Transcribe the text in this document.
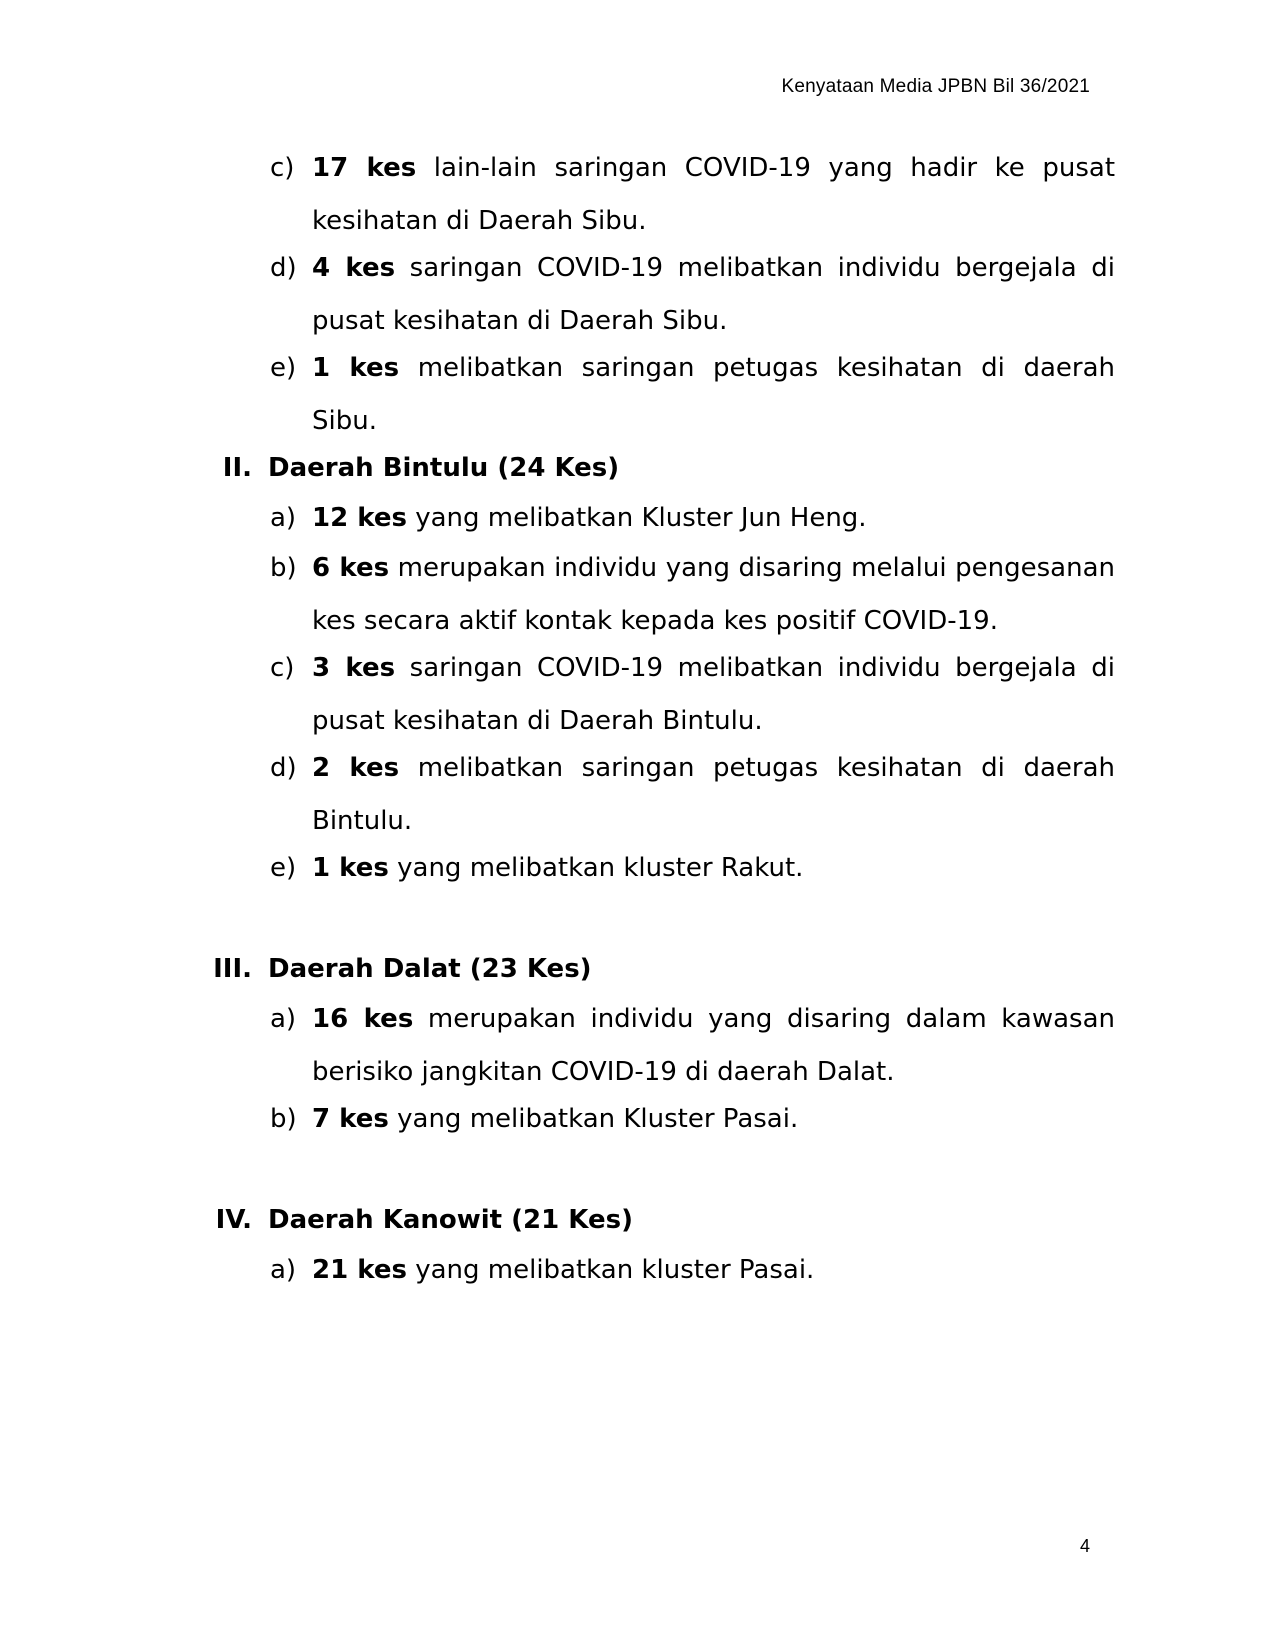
Kenyataan Media JPBN Bil 36/2021
c) 17 kes lain-lain saringan COVID-19 yang hadir ke pusat kesihatan di Daerah Sibu.
d) 4 kes saringan COVID-19 melibatkan individu bergejala di pusat kesihatan di Daerah Sibu.
e) 1 kes melibatkan saringan petugas kesihatan di daerah Sibu.
II. Daerah Bintulu (24 Kes)
a) 12 kes yang melibatkan Kluster Jun Heng.
b) 6 kes merupakan individu yang disaring melalui pengesanan kes secara aktif kontak kepada kes positif COVID-19.
c) 3 kes saringan COVID-19 melibatkan individu bergejala di pusat kesihatan di Daerah Bintulu.
d) 2 kes melibatkan saringan petugas kesihatan di daerah Bintulu.
e) 1 kes yang melibatkan kluster Rakut.
III. Daerah Dalat (23 Kes)
a) 16 kes merupakan individu yang disaring dalam kawasan berisiko jangkitan COVID-19 di daerah Dalat.
b) 7 kes yang melibatkan Kluster Pasai.
IV. Daerah Kanowit (21 Kes)
a) 21 kes yang melibatkan kluster Pasai.
4
